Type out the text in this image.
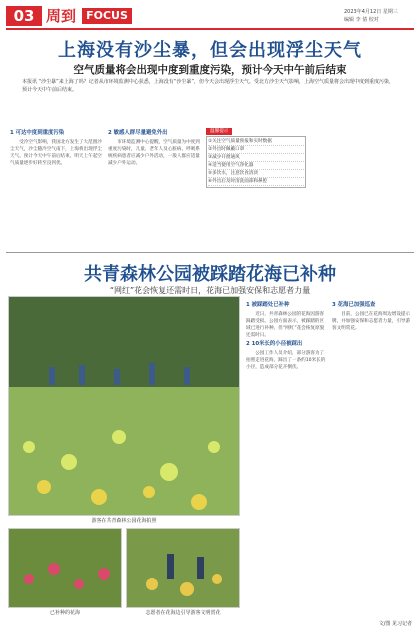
03 周到 FOCUS	2023年4月12日 星期三
编辑 李 倩 校对
上海没有沙尘暴，但会出现浮尘天气
空气质量将会出现中度到重度污染，预计今天中午前后结束
本报讯 “沙尘暴”来上海了吗？记者从市环境监测中心获悉，上海没有“沙尘暴”，但今天会出现浮尘天气。受北方沙尘天气影响，上海空气质量将会出现中度到重度污染，预计今天中午前后结束。
1 可达中度到重度污染

受冷空气影响，我国北方发生了大范围沙尘天气，沙尘随冷空气南下，上海将出现浮尘天气。预计今天中午前后结束，明天上午起空气质量逐步好转至良到优。

2 敏感人群尽量避免外出

市环境监测中心提醒，空气质量为中度到重度污染时，儿童、老年人及心脏病、呼吸系统疾病患者应减少户外活动，一般人群应适量减少户外运动。

温馨提示
①关注空气质量预报和实时数据
②外出时佩戴口罩
③减少开窗通风
④适当使用空气净化器
⑤多饮水，注意饮食清淡
⑥外出后及时清洗面部和鼻腔
共青森林公园被踩踏花海已补种
“网红”花会恢复还需时日，花海已加强安保和志愿者力量
游客在共青森林公园花海拍照
已补种的花海	志愿者在花海边引导游客文明赏花
1 被踩踏处已补种

近日，共青森林公园的花海因游客踩踏受损。公园方面表示，被踩踏的区域已进行补种，但“网红”花会恢复原貌还需时日。

2 10米长的小径被踩出

公园工作人员介绍，部分游客为了拍照走进花海，踩出了一条约10米长的小径，造成部分花卉倒伏。

3 花海已加强巡查

目前，公园已在花海周边增设提示牌，并加强安保和志愿者力量，引导游客文明赏花。

文/图 见习记者
